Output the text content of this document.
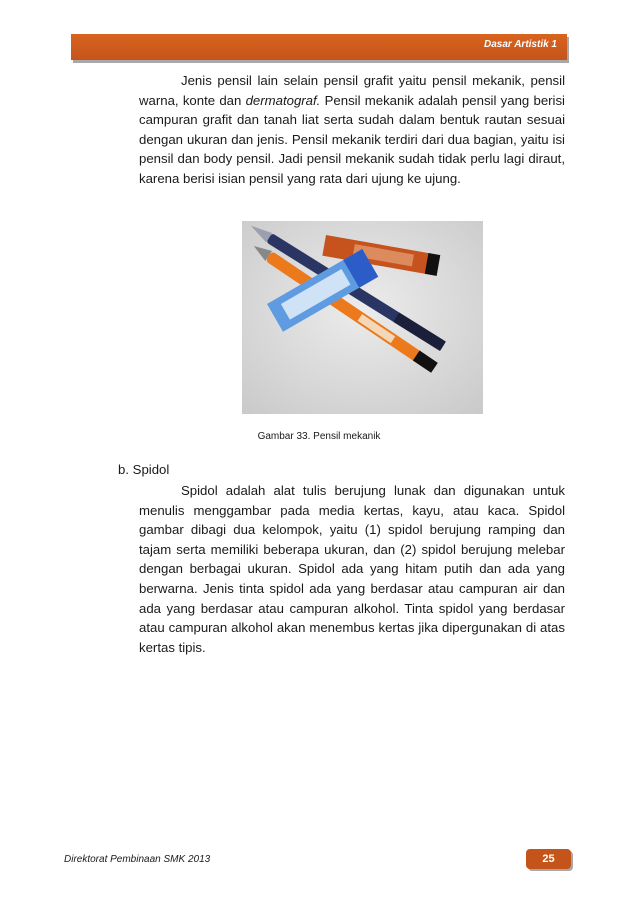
Dasar Artistik 1

Jenis pensil lain selain pensil grafit yaitu pensil mekanik, pensil warna, konte dan dermatograf. Pensil mekanik adalah pensil yang berisi campuran grafit dan tanah liat serta sudah dalam bentuk rautan sesuai dengan ukuran dan jenis. Pensil mekanik terdiri dari dua bagian, yaitu isi pensil dan body pensil. Jadi pensil mekanik sudah tidak perlu lagi diraut, karena berisi isian pensil yang rata dari ujung ke ujung.

Gambar 33. Pensil mekanik
b. Spidol

Spidol adalah alat tulis berujung lunak dan digunakan untuk menulis menggambar pada media kertas, kayu, atau kaca. Spidol gambar dibagi dua kelompok, yaitu (1) spidol berujung ramping dan tajam serta memiliki beberapa ukuran, dan (2) spidol berujung melebar dengan berbagai ukuran. Spidol ada yang hitam putih dan ada yang berwarna. Jenis tinta spidol ada yang berdasar atau campuran air dan ada yang berdasar atau campuran alkohol. Tinta spidol yang berdasar atau campuran alkohol akan menembus kertas jika dipergunakan di atas kertas tipis.

Direktorat Pembinaan SMK 2013	25
